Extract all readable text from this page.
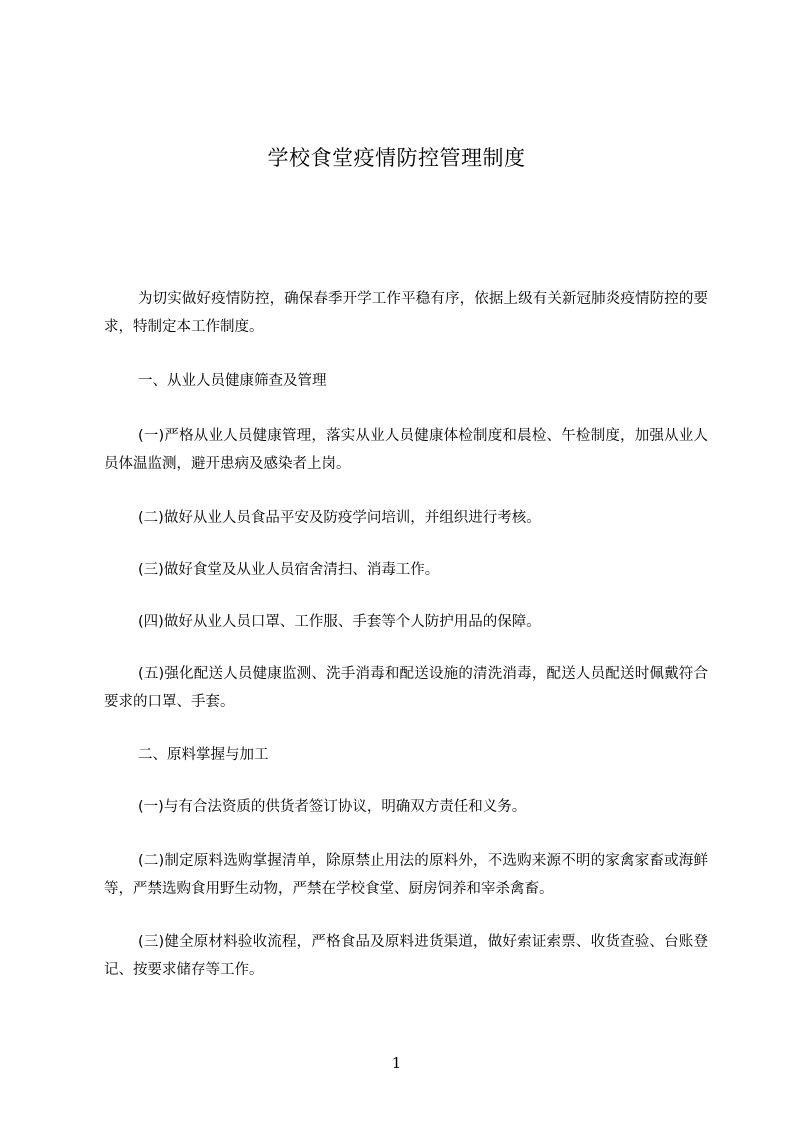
学校食堂疫情防控管理制度

为切实做好疫情防控，确保春季开学工作平稳有序，依据上级有关新冠肺炎疫情防控的要求，特制定本工作制度。

一、从业人员健康筛查及管理

(一)严格从业人员健康管理，落实从业人员健康体检制度和晨检、午检制度，加强从业人员体温监测，避开患病及感染者上岗。

(二)做好从业人员食品平安及防疫学问培训，并组织进行考核。

(三)做好食堂及从业人员宿舍清扫、消毒工作。

(四)做好从业人员口罩、工作服、手套等个人防护用品的保障。

(五)强化配送人员健康监测、洗手消毒和配送设施的清洗消毒，配送人员配送时佩戴符合要求的口罩、手套。

二、原料掌握与加工

(一)与有合法资质的供货者签订协议，明确双方责任和义务。

(二)制定原料选购掌握清单，除原禁止用法的原料外，不选购来源不明的家禽家畜或海鲜等，严禁选购食用野生动物，严禁在学校食堂、厨房饲养和宰杀禽畜。

(三)健全原材料验收流程，严格食品及原料进货渠道，做好索证索票、收货查验、台账登记、按要求储存等工作。

1
